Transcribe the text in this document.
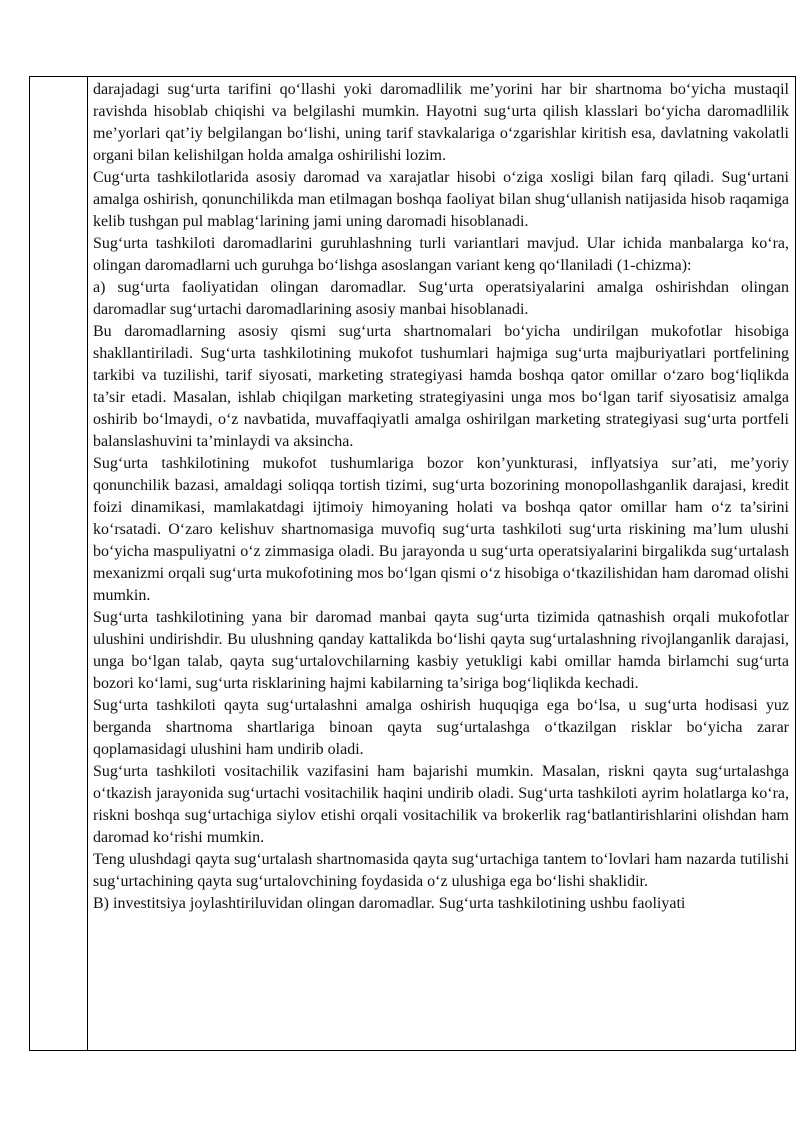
darajadagi sug‘urta tarifini qo‘llashi yoki daromadlilik me’yorini har bir shartnoma bo‘yicha mustaqil ravishda hisoblab chiqishi va belgilashi mumkin. Hayotni sug‘urta qilish klasslari bo‘yicha daromadlilik me’yorlari qat’iy belgilangan bo‘lishi, uning tarif stavkalariga o‘zgarishlar kiritish esa, davlatning vakolatli organi bilan kelishilgan holda amalga oshirilishi lozim.

Cug‘urta tashkilotlarida asosiy daromad va xarajatlar hisobi o‘ziga xosligi bilan farq qiladi. Sug‘urtani amalga oshirish, qonunchilikda man etilmagan boshqa faoliyat bilan shug‘ullanish natijasida hisob raqamiga kelib tushgan pul mablag‘larining jami uning daromadi hisoblanadi.

Sug‘urta tashkiloti daromadlarini guruhlashning turli variantlari mavjud. Ular ichida manbalarga ko‘ra, olingan daromadlarni uch guruhga bo‘lishga asoslangan variant keng qo‘llaniladi (1-chizma):

a) sug‘urta faoliyatidan olingan daromadlar. Sug‘urta operatsiyalarini amalga oshirishdan olingan daromadlar sug‘urtachi daromadlarining asosiy manbai hisoblanadi.

Bu daromadlarning asosiy qismi sug‘urta shartnomalari bo‘yicha undirilgan mukofotlar hisobiga shakllantiriladi. Sug‘urta tashkilotining mukofot tushumlari hajmiga sug‘urta majburiyatlari portfelining tarkibi va tuzilishi, tarif siyosati, marketing strategiyasi hamda boshqa qator omillar o‘zaro bog‘liqlikda ta’sir etadi. Masalan, ishlab chiqilgan marketing strategiyasini unga mos bo‘lgan tarif siyosatisiz amalga oshirib bo‘lmaydi, o‘z navbatida, muvaffaqiyatli amalga oshirilgan marketing strategiyasi sug‘urta portfeli balanslashuvini ta’minlaydi va aksincha.

Sug‘urta tashkilotining mukofot tushumlariga bozor kon’yunkturasi, inflyatsiya sur’ati, me’yoriy qonunchilik bazasi, amaldagi soliqqa tortish tizimi, sug‘urta bozorining monopollashganlik darajasi, kredit foizi dinamikasi, mamlakatdagi ijtimoiy himoyaning holati va boshqa qator omillar ham o‘z ta’sirini ko‘rsatadi. O‘zaro kelishuv shartnomasiga muvofiq sug‘urta tashkiloti sug‘urta riskining ma’lum ulushi bo‘yicha maspuliyatni o‘z zimmasiga oladi. Bu jarayonda u sug‘urta operatsiyalarini birgalikda sug‘urtalash mexanizmi orqali sug‘urta mukofotining mos bo‘lgan qismi o‘z hisobiga o‘tkazilishidan ham daromad olishi mumkin.

Sug‘urta tashkilotining yana bir daromad manbai qayta sug‘urta tizimida qatnashish orqali mukofotlar ulushini undirishdir. Bu ulushning qanday kattalikda bo‘lishi qayta sug‘urtalashning rivojlanganlik darajasi, unga bo‘lgan talab, qayta sug‘urtalovchilarning kasbiy yetukligi kabi omillar hamda birlamchi sug‘urta bozori ko‘lami, sug‘urta risklarining hajmi kabilarning ta’siriga bog‘liqlikda kechadi.

Sug‘urta tashkiloti qayta sug‘urtalashni amalga oshirish huquqiga ega bo‘lsa, u sug‘urta hodisasi yuz berganda shartnoma shartlariga binoan qayta sug‘urtalashga o‘tkazilgan risklar bo‘yicha zarar qoplamasidagi ulushini ham undirib oladi.

Sug‘urta tashkiloti vositachilik vazifasini ham bajarishi mumkin. Masalan, riskni qayta sug‘urtalashga o‘tkazish jarayonida sug‘urtachi vositachilik haqini undirib oladi. Sug‘urta tashkiloti ayrim holatlarga ko‘ra, riskni boshqa sug‘urtachiga siylov etishi orqali vositachilik va brokerlik rag‘batlantirishlarini olishdan ham daromad ko‘rishi mumkin.

Teng ulushdagi qayta sug‘urtalash shartnomasida qayta sug‘urtachiga tantem to‘lovlari ham nazarda tutilishi sug‘urtachining qayta sug‘urtalovchining foydasida o‘z ulushiga ega bo‘lishi shaklidir.

B) investitsiya joylashtiriluvidan olingan daromadlar. Sug‘urta tashkilotining ushbu faoliyati
